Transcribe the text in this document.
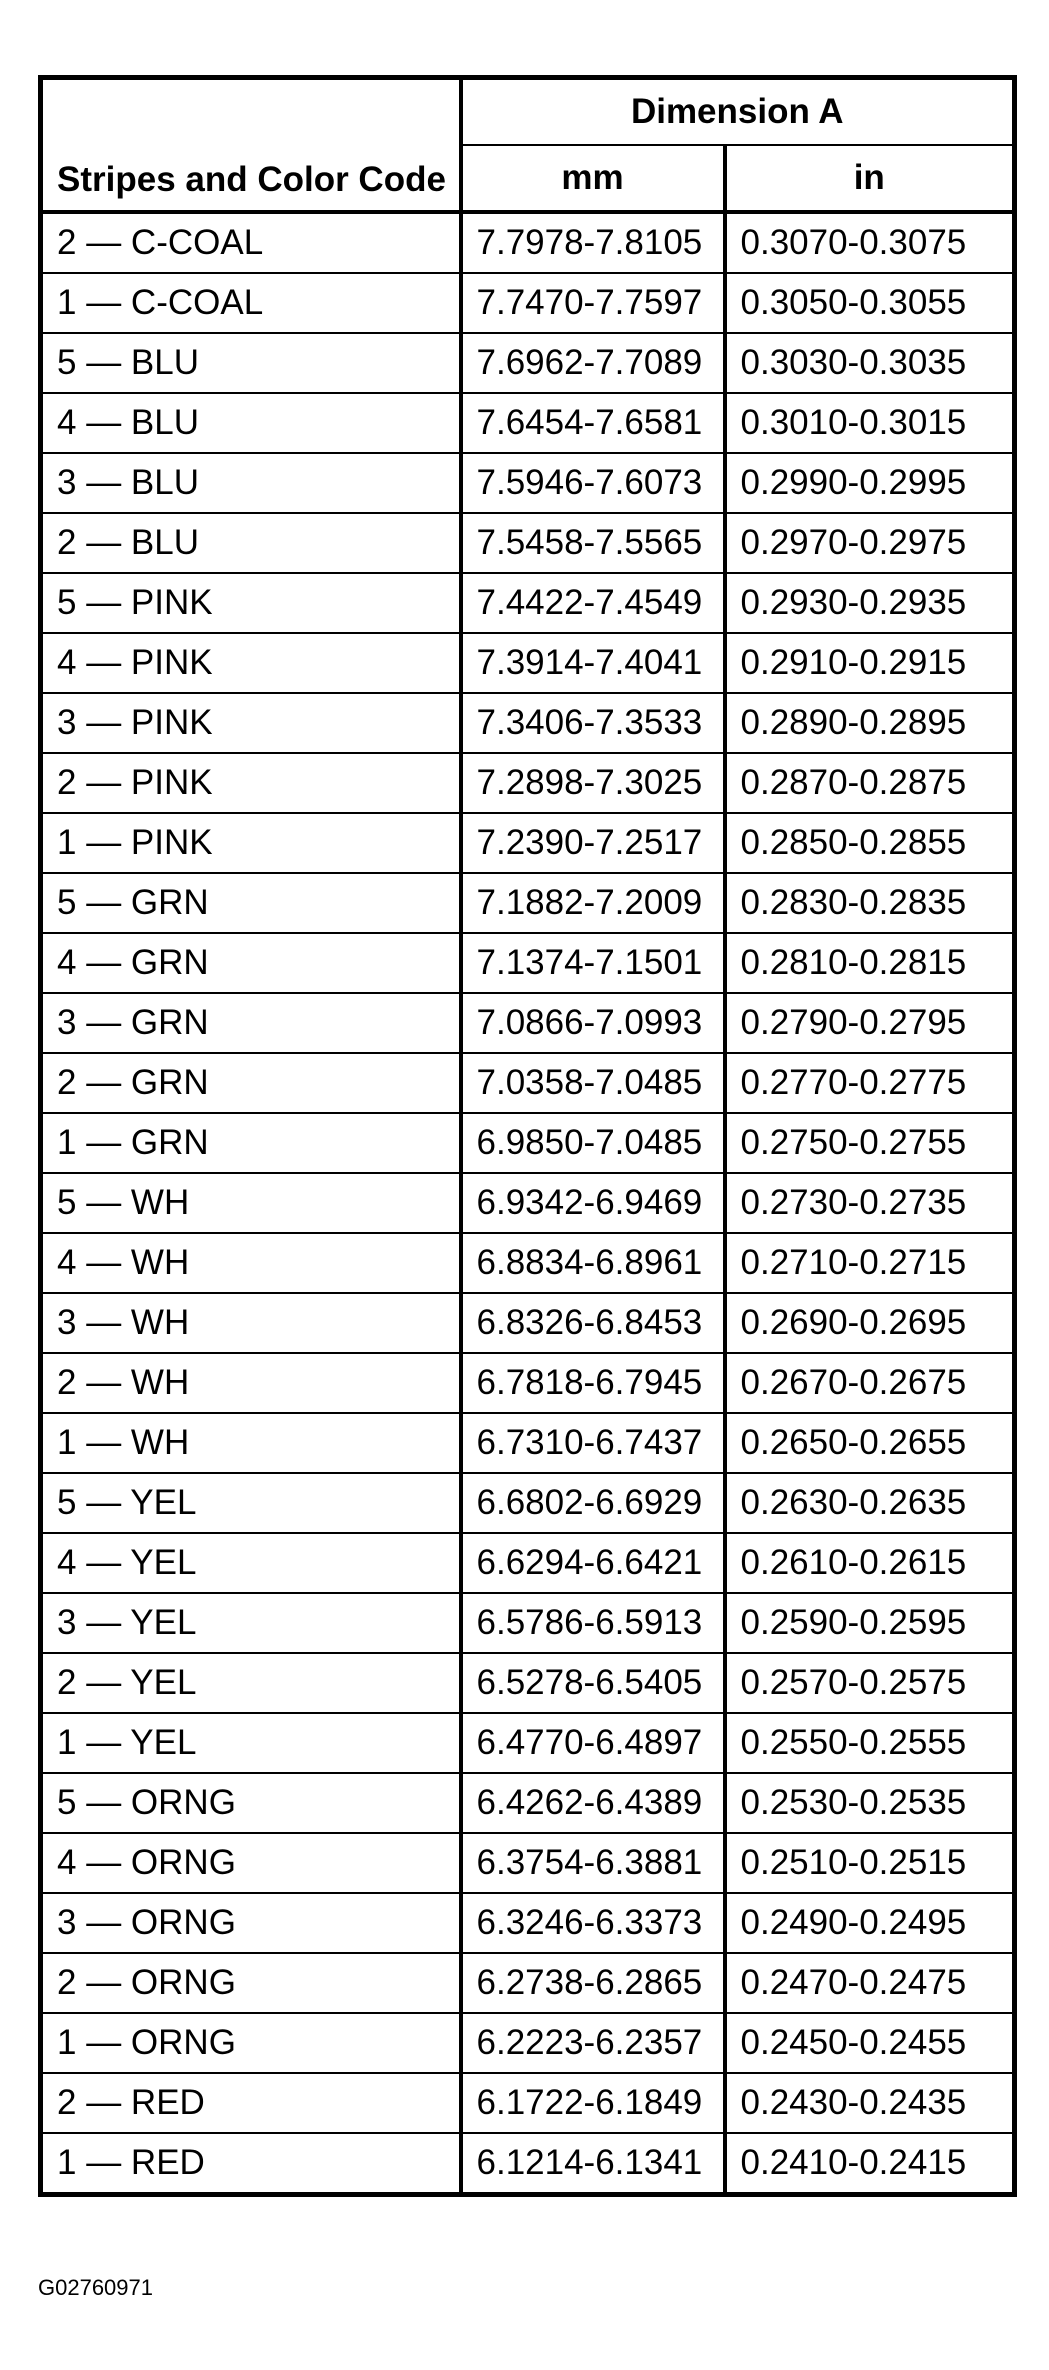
Stripes and Color Code	Dimension A	
	mm	in
2 — C-COAL	7.7978-7.8105	0.3070-0.3075
1 — C-COAL	7.7470-7.7597	0.3050-0.3055
5 — BLU	7.6962-7.7089	0.3030-0.3035
4 — BLU	7.6454-7.6581	0.3010-0.3015
3 — BLU	7.5946-7.6073	0.2990-0.2995
2 — BLU	7.5458-7.5565	0.2970-0.2975
5 — PINK	7.4422-7.4549	0.2930-0.2935
4 — PINK	7.3914-7.4041	0.2910-0.2915
3 — PINK	7.3406-7.3533	0.2890-0.2895
2 — PINK	7.2898-7.3025	0.2870-0.2875
1 — PINK	7.2390-7.2517	0.2850-0.2855
5 — GRN	7.1882-7.2009	0.2830-0.2835
4 — GRN	7.1374-7.1501	0.2810-0.2815
3 — GRN	7.0866-7.0993	0.2790-0.2795
2 — GRN	7.0358-7.0485	0.2770-0.2775
1 — GRN	6.9850-7.0485	0.2750-0.2755
5 — WH	6.9342-6.9469	0.2730-0.2735
4 — WH	6.8834-6.8961	0.2710-0.2715
3 — WH	6.8326-6.8453	0.2690-0.2695
2 — WH	6.7818-6.7945	0.2670-0.2675
1 — WH	6.7310-6.7437	0.2650-0.2655
5 — YEL	6.6802-6.6929	0.2630-0.2635
4 — YEL	6.6294-6.6421	0.2610-0.2615
3 — YEL	6.5786-6.5913	0.2590-0.2595
2 — YEL	6.5278-6.5405	0.2570-0.2575
1 — YEL	6.4770-6.4897	0.2550-0.2555
5 — ORNG	6.4262-6.4389	0.2530-0.2535
4 — ORNG	6.3754-6.3881	0.2510-0.2515
3 — ORNG	6.3246-6.3373	0.2490-0.2495
2 — ORNG	6.2738-6.2865	0.2470-0.2475
1 — ORNG	6.2223-6.2357	0.2450-0.2455
2 — RED	6.1722-6.1849	0.2430-0.2435
1 — RED	6.1214-6.1341	0.2410-0.2415
G02760971
